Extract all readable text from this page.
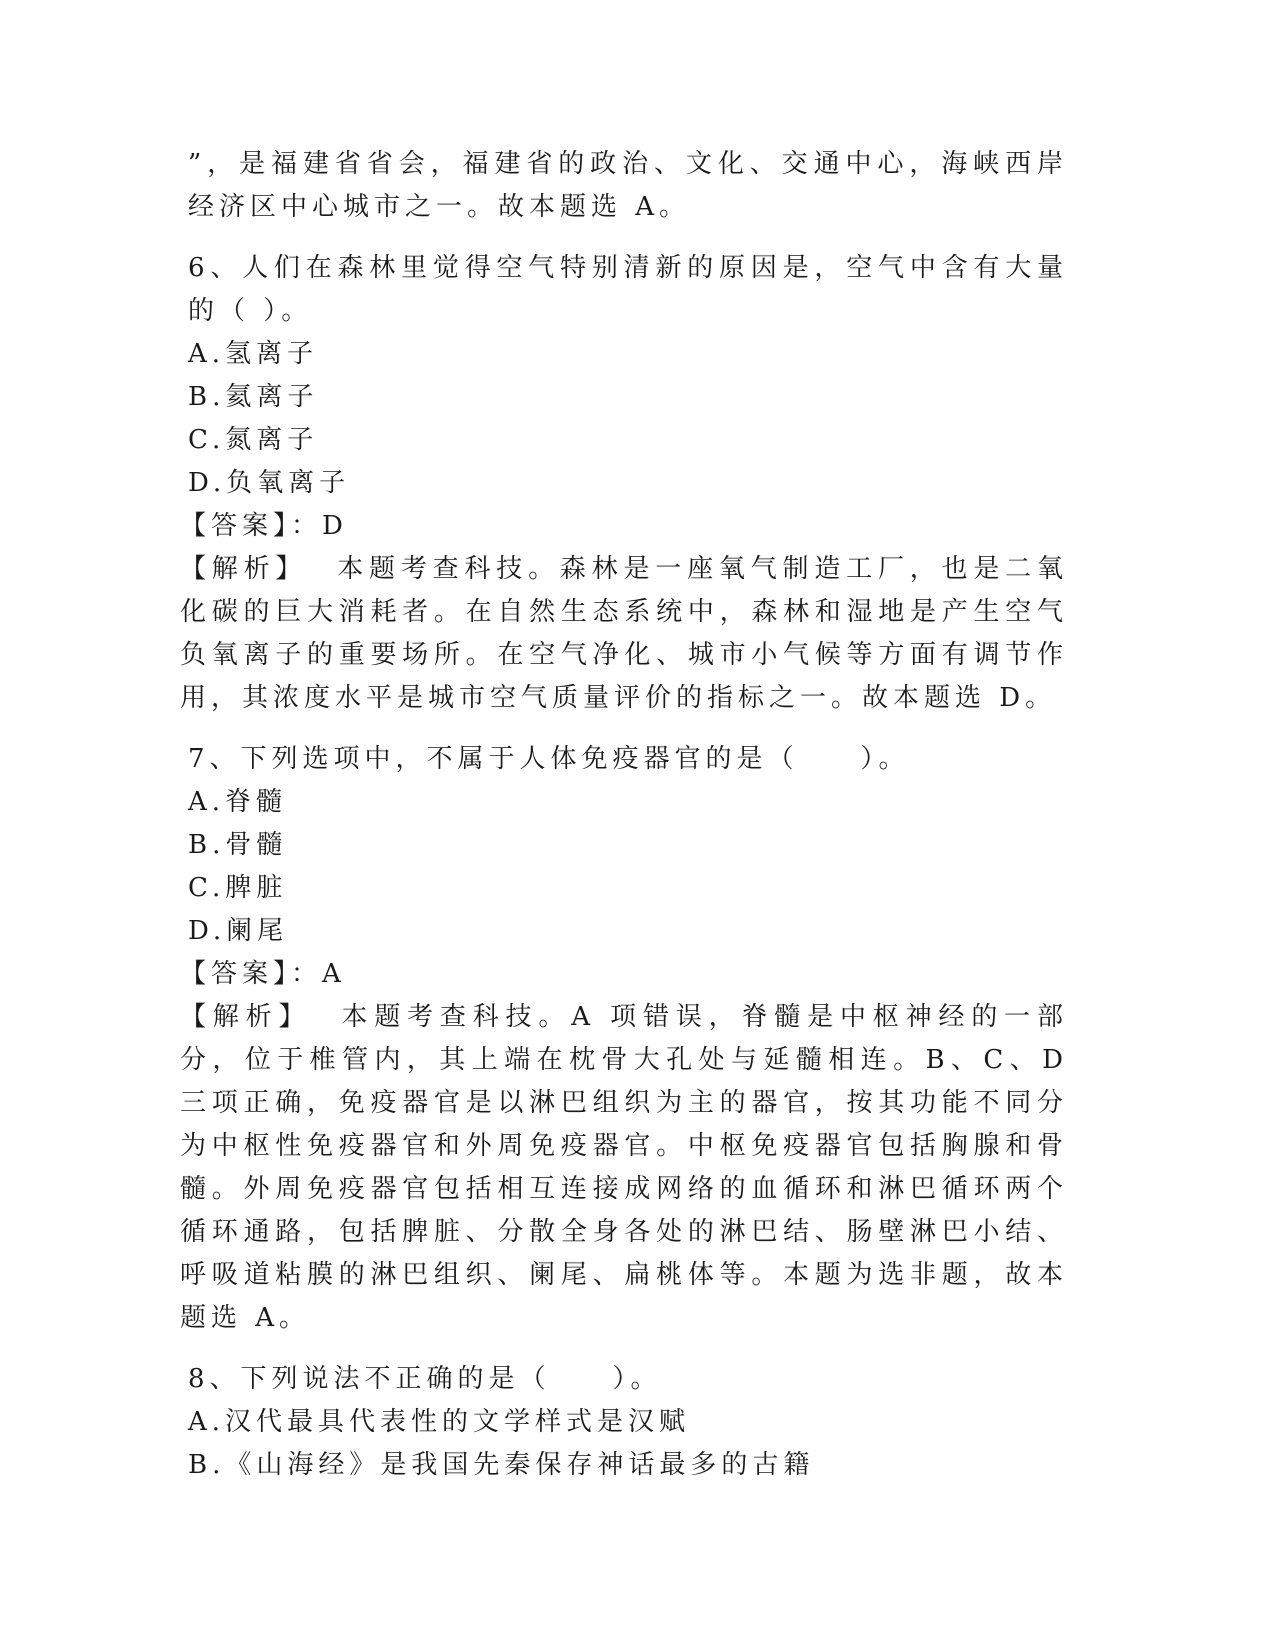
”，是福建省省会，福建省的政治、文化、交通中心，海峡西岸经济区中心城市之一。故本题选 A。

6、人们在森林里觉得空气特别清新的原因是，空气中含有大量的（ ）。

A.氢离子

B.氦离子

C.氮离子

D.负氧离子

【答案】：D

【解析】 本题考查科技。森林是一座氧气制造工厂，也是二氧化碳的巨大消耗者。在自然生态系统中，森林和湿地是产生空气负氧离子的重要场所。在空气净化、城市小气候等方面有调节作用，其浓度水平是城市空气质量评价的指标之一。故本题选 D。

7、下列选项中，不属于人体免疫器官的是（　　）。

A.脊髓

B.骨髓

C.脾脏

D.阑尾

【答案】：A

【解析】 本题考查科技。A 项错误，脊髓是中枢神经的一部分，位于椎管内，其上端在枕骨大孔处与延髓相连。B、C、D 三项正确，免疫器官是以淋巴组织为主的器官，按其功能不同分为中枢性免疫器官和外周免疫器官。中枢免疫器官包括胸腺和骨髓。外周免疫器官包括相互连接成网络的血循环和淋巴循环两个循环通路，包括脾脏、分散全身各处的淋巴结、肠壁淋巴小结、呼吸道粘膜的淋巴组织、阑尾、扁桃体等。本题为选非题，故本题选 A。

8、下列说法不正确的是（　　）。

A.汉代最具代表性的文学样式是汉赋

B.《山海经》是我国先秦保存神话最多的古籍
